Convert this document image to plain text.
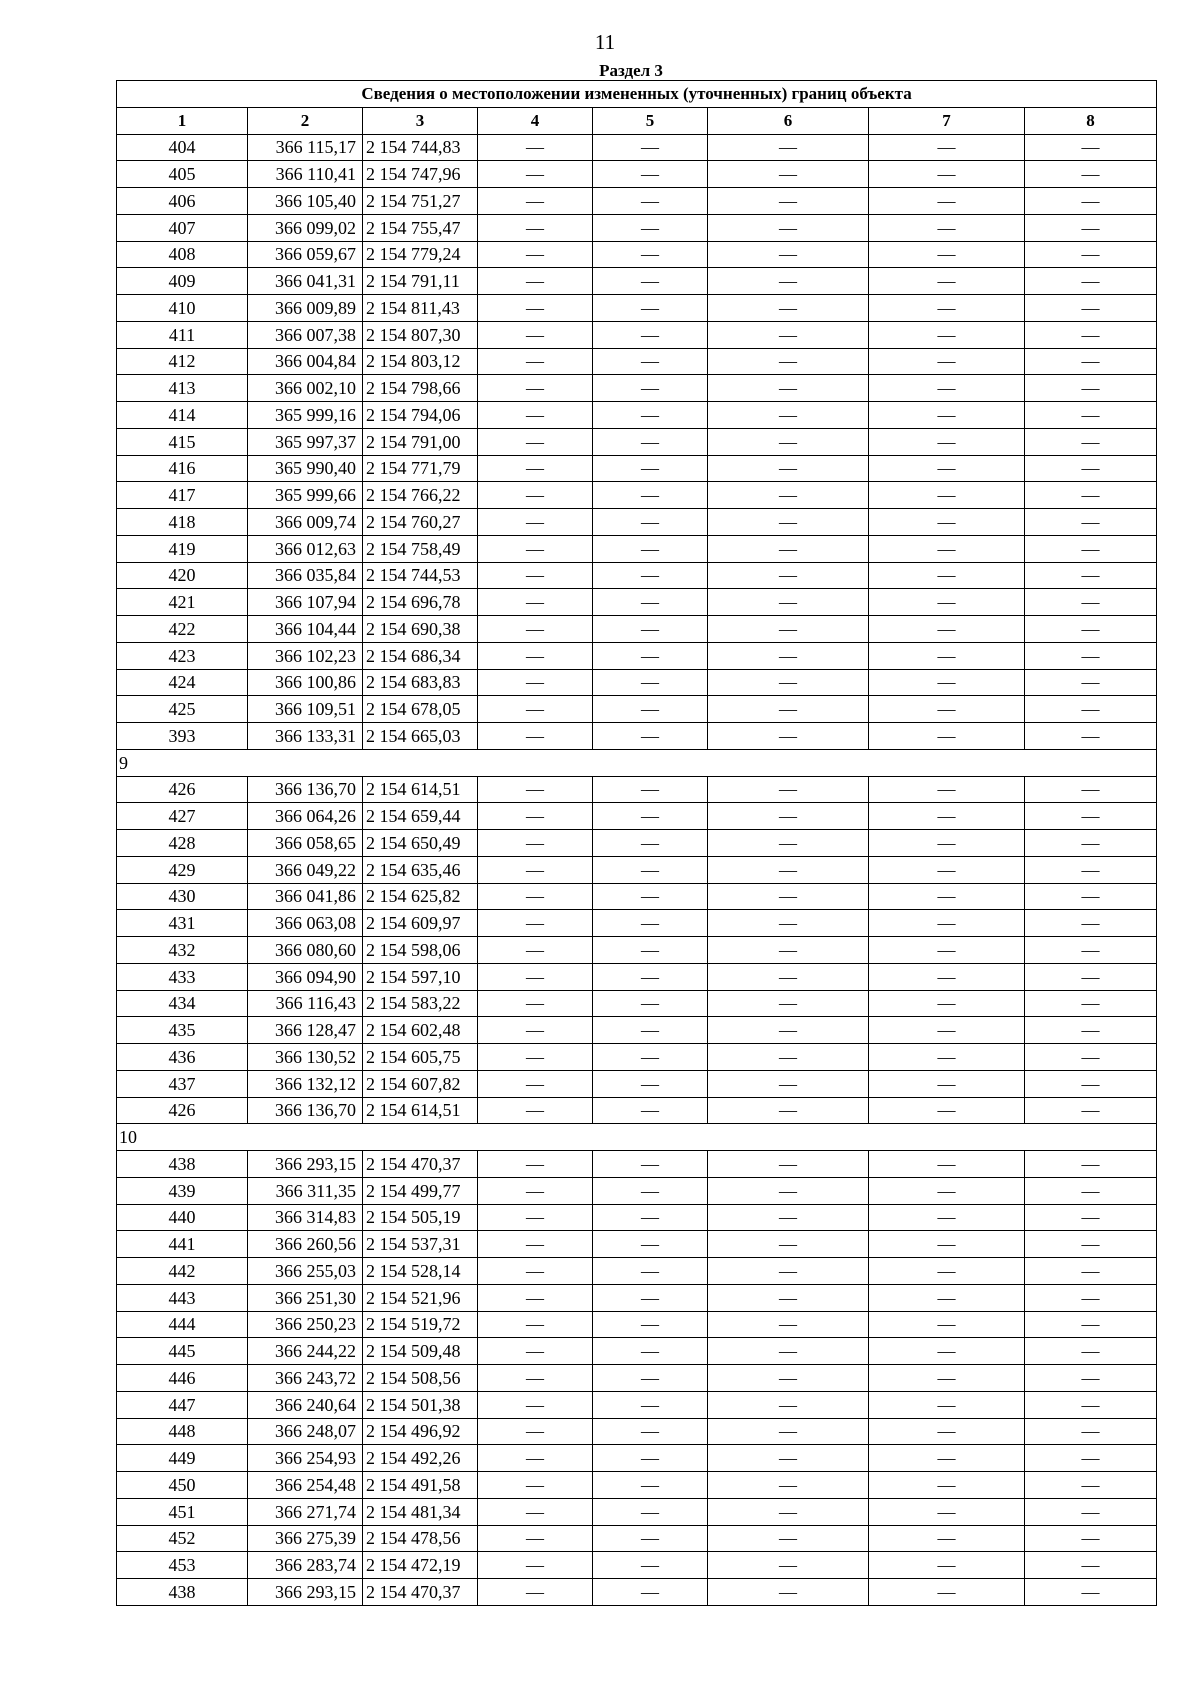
11
Раздел 3
Сведения о местоположении измененных (уточненных) границ объекта							
1	2	3	4	5	6	7	8
404	366 115,17	2 154 744,83	—	—	—	—	—
405	366 110,41	2 154 747,96	—	—	—	—	—
406	366 105,40	2 154 751,27	—	—	—	—	—
407	366 099,02	2 154 755,47	—	—	—	—	—
408	366 059,67	2 154 779,24	—	—	—	—	—
409	366 041,31	2 154 791,11	—	—	—	—	—
410	366 009,89	2 154 811,43	—	—	—	—	—
411	366 007,38	2 154 807,30	—	—	—	—	—
412	366 004,84	2 154 803,12	—	—	—	—	—
413	366 002,10	2 154 798,66	—	—	—	—	—
414	365 999,16	2 154 794,06	—	—	—	—	—
415	365 997,37	2 154 791,00	—	—	—	—	—
416	365 990,40	2 154 771,79	—	—	—	—	—
417	365 999,66	2 154 766,22	—	—	—	—	—
418	366 009,74	2 154 760,27	—	—	—	—	—
419	366 012,63	2 154 758,49	—	—	—	—	—
420	366 035,84	2 154 744,53	—	—	—	—	—
421	366 107,94	2 154 696,78	—	—	—	—	—
422	366 104,44	2 154 690,38	—	—	—	—	—
423	366 102,23	2 154 686,34	—	—	—	—	—
424	366 100,86	2 154 683,83	—	—	—	—	—
425	366 109,51	2 154 678,05	—	—	—	—	—
393	366 133,31	2 154 665,03	—	—	—	—	—
9							
426	366 136,70	2 154 614,51	—	—	—	—	—
427	366 064,26	2 154 659,44	—	—	—	—	—
428	366 058,65	2 154 650,49	—	—	—	—	—
429	366 049,22	2 154 635,46	—	—	—	—	—
430	366 041,86	2 154 625,82	—	—	—	—	—
431	366 063,08	2 154 609,97	—	—	—	—	—
432	366 080,60	2 154 598,06	—	—	—	—	—
433	366 094,90	2 154 597,10	—	—	—	—	—
434	366 116,43	2 154 583,22	—	—	—	—	—
435	366 128,47	2 154 602,48	—	—	—	—	—
436	366 130,52	2 154 605,75	—	—	—	—	—
437	366 132,12	2 154 607,82	—	—	—	—	—
426	366 136,70	2 154 614,51	—	—	—	—	—
10							
438	366 293,15	2 154 470,37	—	—	—	—	—
439	366 311,35	2 154 499,77	—	—	—	—	—
440	366 314,83	2 154 505,19	—	—	—	—	—
441	366 260,56	2 154 537,31	—	—	—	—	—
442	366 255,03	2 154 528,14	—	—	—	—	—
443	366 251,30	2 154 521,96	—	—	—	—	—
444	366 250,23	2 154 519,72	—	—	—	—	—
445	366 244,22	2 154 509,48	—	—	—	—	—
446	366 243,72	2 154 508,56	—	—	—	—	—
447	366 240,64	2 154 501,38	—	—	—	—	—
448	366 248,07	2 154 496,92	—	—	—	—	—
449	366 254,93	2 154 492,26	—	—	—	—	—
450	366 254,48	2 154 491,58	—	—	—	—	—
451	366 271,74	2 154 481,34	—	—	—	—	—
452	366 275,39	2 154 478,56	—	—	—	—	—
453	366 283,74	2 154 472,19	—	—	—	—	—
438	366 293,15	2 154 470,37	—	—	—	—	—
